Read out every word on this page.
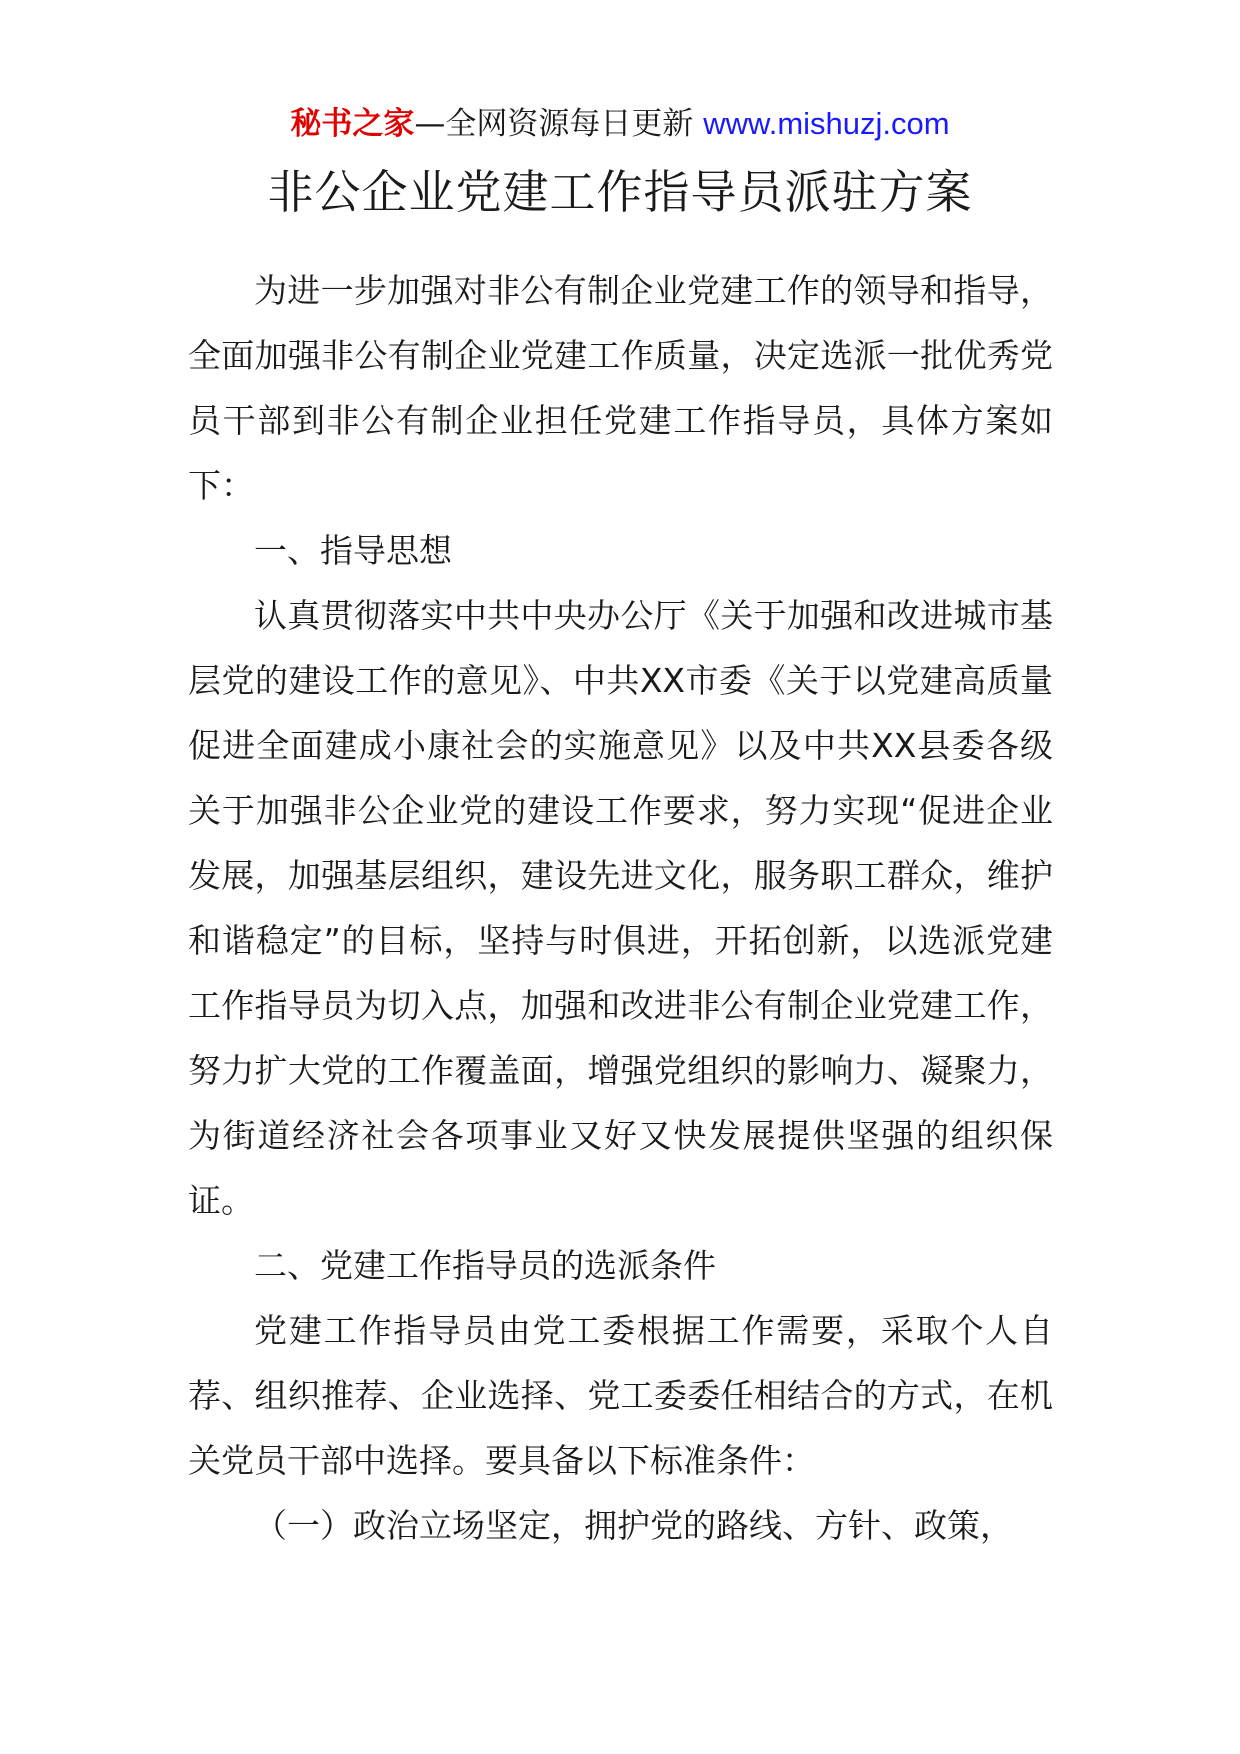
秘书之家—全网资源每日更新 www.mishuzj.com
非公企业党建工作指导员派驻方案

为进一步加强对非公有制企业党建工作的领导和指导，全面加强非公有制企业党建工作质量，决定选派一批优秀党员干部到非公有制企业担任党建工作指导员，具体方案如下：

一、指导思想

认真贯彻落实中共中央办公厅《关于加强和改进城市基层党的建设工作的意见》、中共XX市委《关于以党建高质量促进全面建成小康社会的实施意见》以及中共XX县委各级关于加强非公企业党的建设工作要求，努力实现“促进企业发展，加强基层组织，建设先进文化，服务职工群众，维护和谐稳定”的目标，坚持与时俱进，开拓创新，以选派党建工作指导员为切入点，加强和改进非公有制企业党建工作，努力扩大党的工作覆盖面，增强党组织的影响力、凝聚力，为街道经济社会各项事业又好又快发展提供坚强的组织保证。

二、党建工作指导员的选派条件

党建工作指导员由党工委根据工作需要，采取个人自荐、组织推荐、企业选择、党工委委任相结合的方式，在机关党员干部中选择。要具备以下标准条件：

（一）政治立场坚定，拥护党的路线、方针、政策，
